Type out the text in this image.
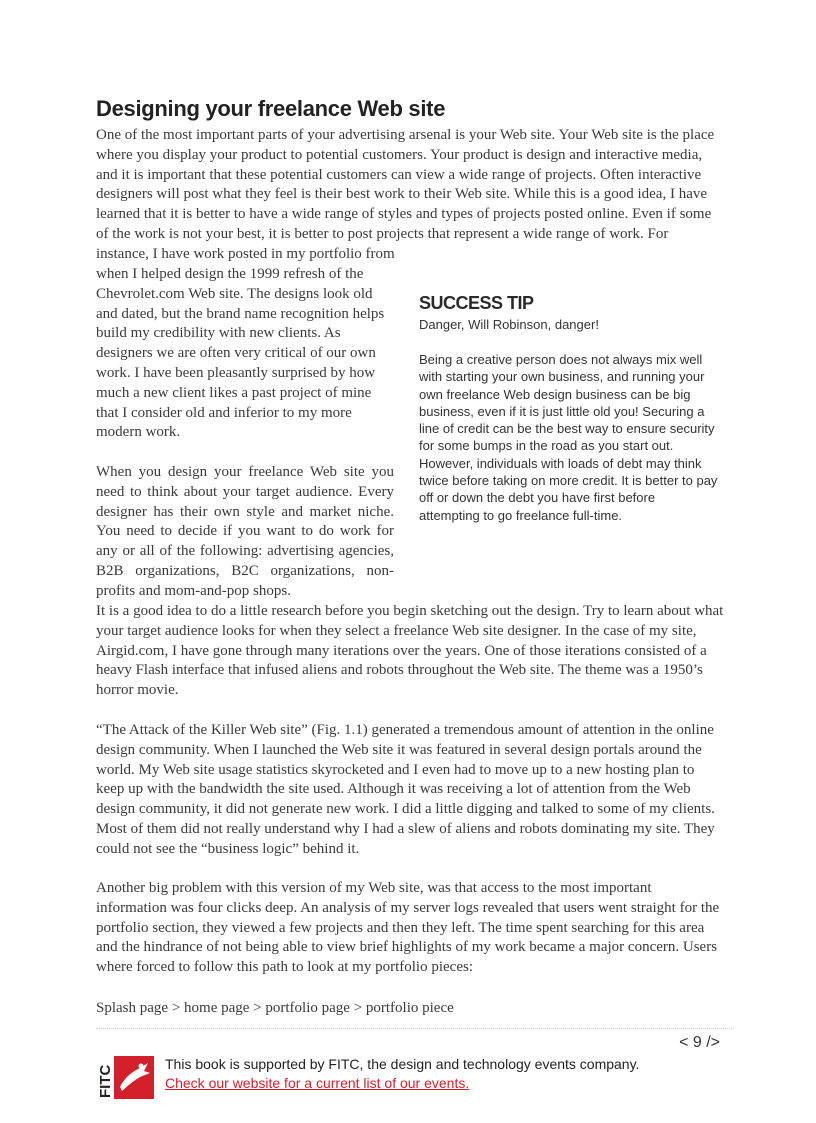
Designing your freelance Web site

One of the most important parts of your advertising arsenal is your Web site. Your Web site is the place where you display your product to potential customers. Your product is design and interactive media, and it is important that these potential customers can view a wide range of projects. Often interactive designers will post what they feel is their best work to their Web site. While this is a good idea, I have learned that it is better to have a wide range of styles and types of projects posted online. Even if some of the work is not your best, it is better to post projects that represent a wide range of work. For instance, I have work posted in my portfolio from

when I helped design the 1999 refresh of the Chevrolet.com Web site. The designs look old and dated, but the brand name recognition helps build my credibility with new clients. As designers we are often very critical of our own work. I have been pleasantly surprised by how much a new client likes a past project of mine that I consider old and inferior to my more modern work.

When you design your freelance Web site you need to think about your target audience. Every designer has their own style and market niche. You need to decide if you want to do work for any or all of the following: advertising agencies, B2B organizations, B2C organizations, non-profits and mom-and-pop shops.

SUCCESS TIP

Danger, Will Robinson, danger!

Being a creative person does not always mix well with starting your own business, and running your own freelance Web design business can be big business, even if it is just little old you! Securing a line of credit can be the best way to ensure security for some bumps in the road as you start out. However, individuals with loads of debt may think twice before taking on more credit. It is better to pay off or down the debt you have first before attempting to go freelance full-time.

It is a good idea to do a little research before you begin sketching out the design. Try to learn about what your target audience looks for when they select a freelance Web site designer. In the case of my site, Airgid.com, I have gone through many iterations over the years. One of those iterations consisted of a heavy Flash interface that infused aliens and robots throughout the Web site. The theme was a 1950’s horror movie.

“The Attack of the Killer Web site” (Fig. 1.1) generated a tremendous amount of attention in the online design community. When I launched the Web site it was featured in several design portals around the world. My Web site usage statistics skyrocketed and I even had to move up to a new hosting plan to keep up with the bandwidth the site used. Although it was receiving a lot of attention from the Web design community, it did not generate new work. I did a little digging and talked to some of my clients. Most of them did not really understand why I had a slew of aliens and robots dominating my site. They could not see the “business logic” behind it.

Another big problem with this version of my Web site, was that access to the most important information was four clicks deep. An analysis of my server logs revealed that users went straight for the portfolio section, they viewed a few projects and then they left. The time spent searching for this area and the hindrance of not being able to view brief highlights of my work became a major concern. Users where forced to follow this path to look at my portfolio pieces:

Splash page > home page > portfolio page > portfolio piece

< 9 />
FITC
This book is supported by FITC, the design and technology events company.
Check our website for a current list of our events.
